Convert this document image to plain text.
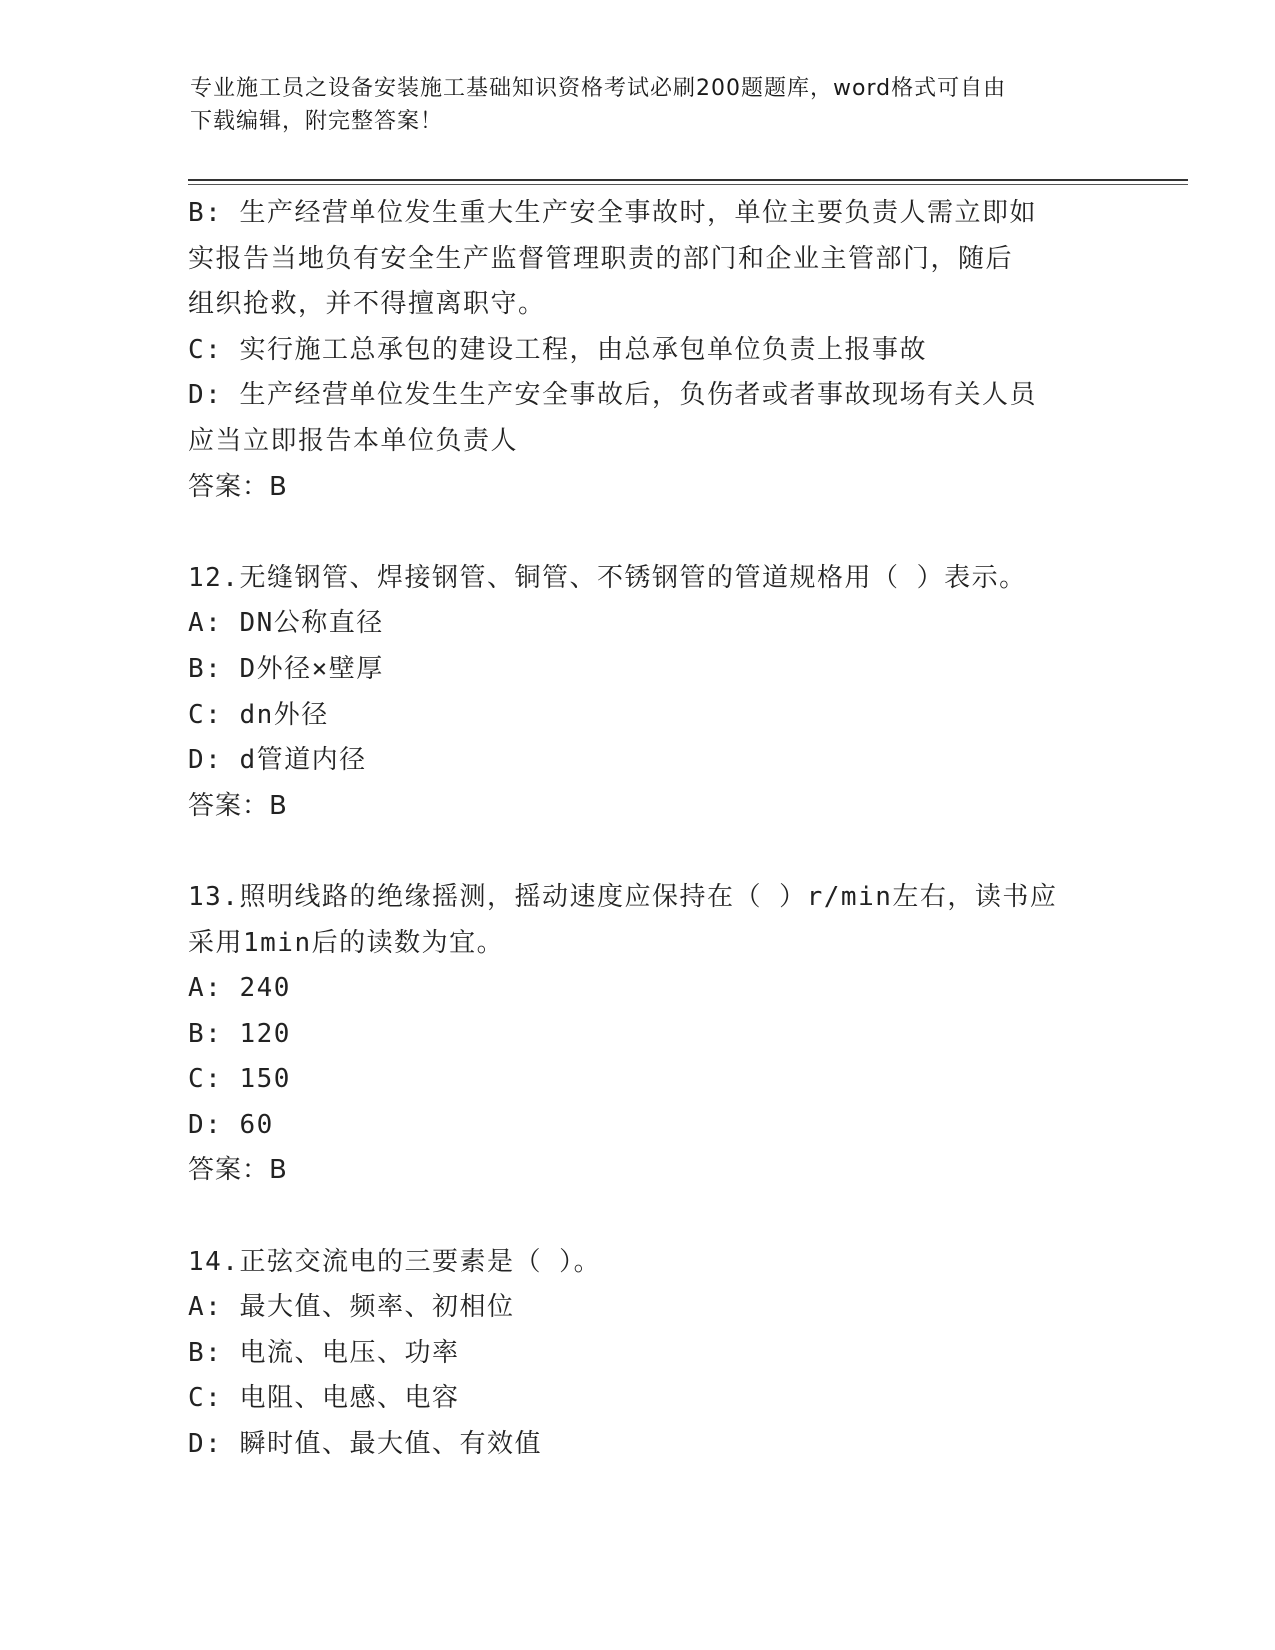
专业施工员之设备安装施工基础知识资格考试必刷200题题库，word格式可自由
下载编辑，附完整答案！
B: 生产经营单位发生重大生产安全事故时，单位主要负责人需立即如
实报告当地负有安全生产监督管理职责的部门和企业主管部门，随后
组织抢救，并不得擅离职守。
C: 实行施工总承包的建设工程，由总承包单位负责上报事故
D: 生产经营单位发生生产安全事故后，负伤者或者事故现场有关人员
应当立即报告本单位负责人
答案：B
12.无缝钢管、焊接钢管、铜管、不锈钢管的管道规格用（ ）表示。
A: DN公称直径
B: D外径×壁厚
C: dn外径
D: d管道内径
答案：B
13.照明线路的绝缘摇测，摇动速度应保持在（ ）r/min左右，读书应
采用1min后的读数为宜。
A: 240
B: 120
C: 150
D: 60
答案：B
14.正弦交流电的三要素是（ ）。
A: 最大值、频率、初相位
B: 电流、电压、功率
C: 电阻、电感、电容
D: 瞬时值、最大值、有效值
